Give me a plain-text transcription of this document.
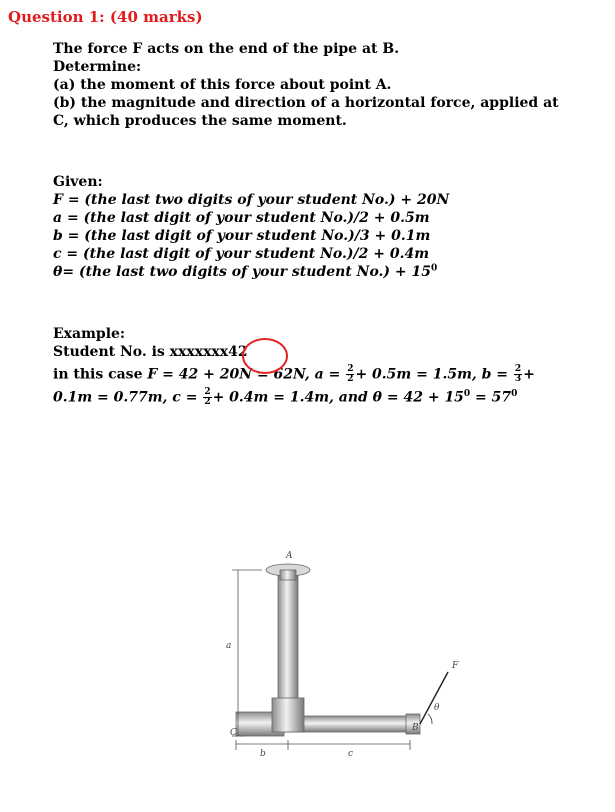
Question 1: (40 marks)
The force F acts on the end of the pipe at B.
Determine:
(a) the moment of this force about point A.
(b) the magnitude and direction of a horizontal force, applied at
C, which produces the same moment.
Given:
F = (the last two digits of your student No.) + 20N
a = (the last digit of your student No.)/2 + 0.5m
b = (the last digit of your student No.)/3 + 0.1m
c = (the last digit of your student No.)/2 + 0.4m
θ= (the last two digits of your student $No.) + 15^0$
Example:
Student No. is xxxxxxx42
in this case F = 42 + 20N = 62N, $a = \frac{2}{2} + 0.5m = 1.5m$, $b = \frac{2}{3}$ +
0.1m = 0.77m, $c = \frac{2}{2} + 0.4m = 1.4m$, and $\theta = 42 + 15^0 = 57^0$
A
a
F
θ
B
C
b	c
